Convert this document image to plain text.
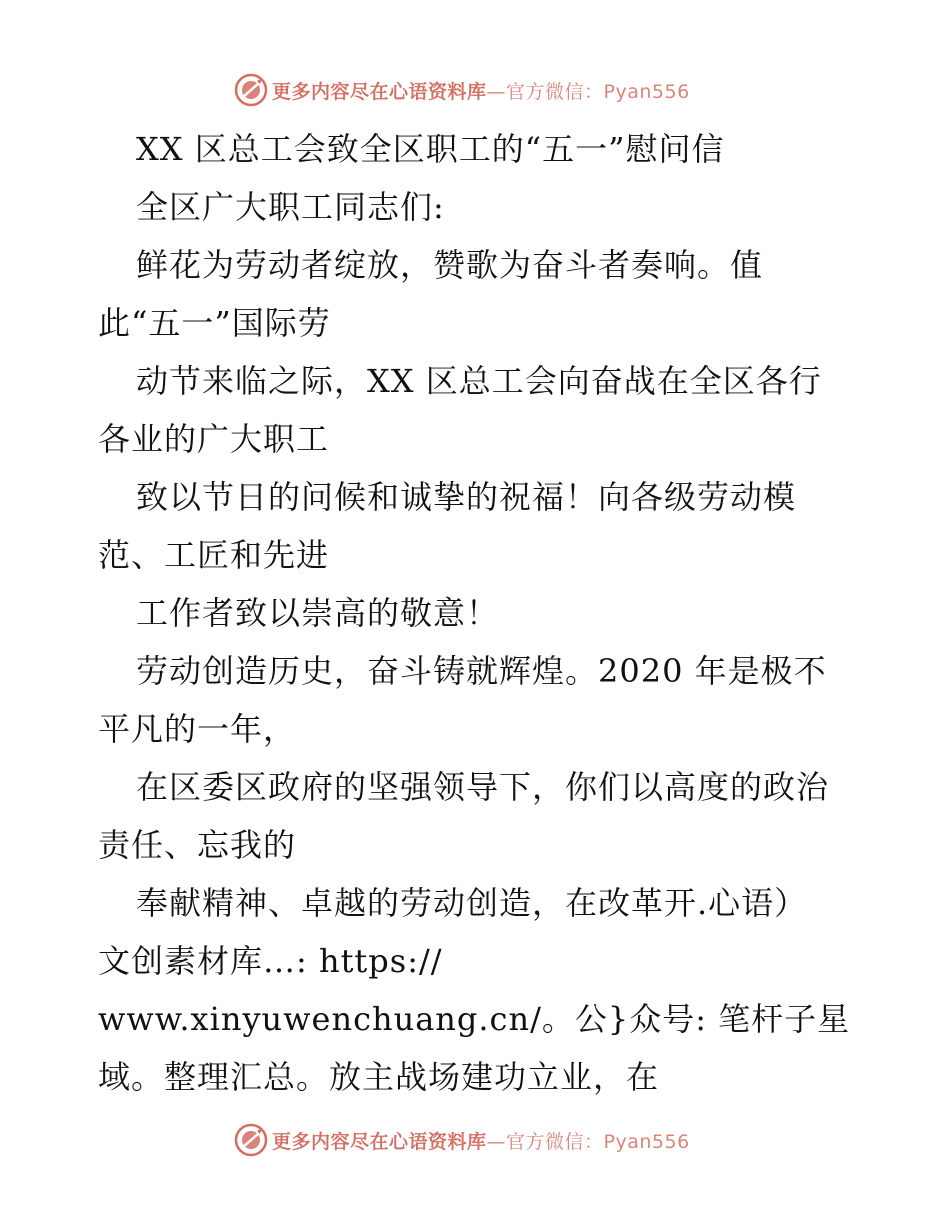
更多内容尽在心语资料库—官方微信：Pyan556
XX 区总工会致全区职工的“五一”慰问信
全区广大职工同志们:
鲜花为劳动者绽放，赞歌为奋斗者奏响。值
此“五一”国际劳
动节来临之际，XX 区总工会向奋战在全区各行
各业的广大职工
致以节日的问候和诚挚的祝福！向各级劳动模
范、工匠和先进
工作者致以崇高的敬意！
劳动创造历史，奋斗铸就辉煌。2020 年是极不
平凡的一年，
在区委区政府的坚强领导下，你们以高度的政治
责任、忘我的
奉献精神、卓越的劳动创造，在改革开.心语）
文创素材库…: https://
www.xinyuwenchuang.cn/。公}众号: 笔杆子星
域。整理汇总。放主战场建功立业，在
更多内容尽在心语资料库—官方微信：Pyan556
